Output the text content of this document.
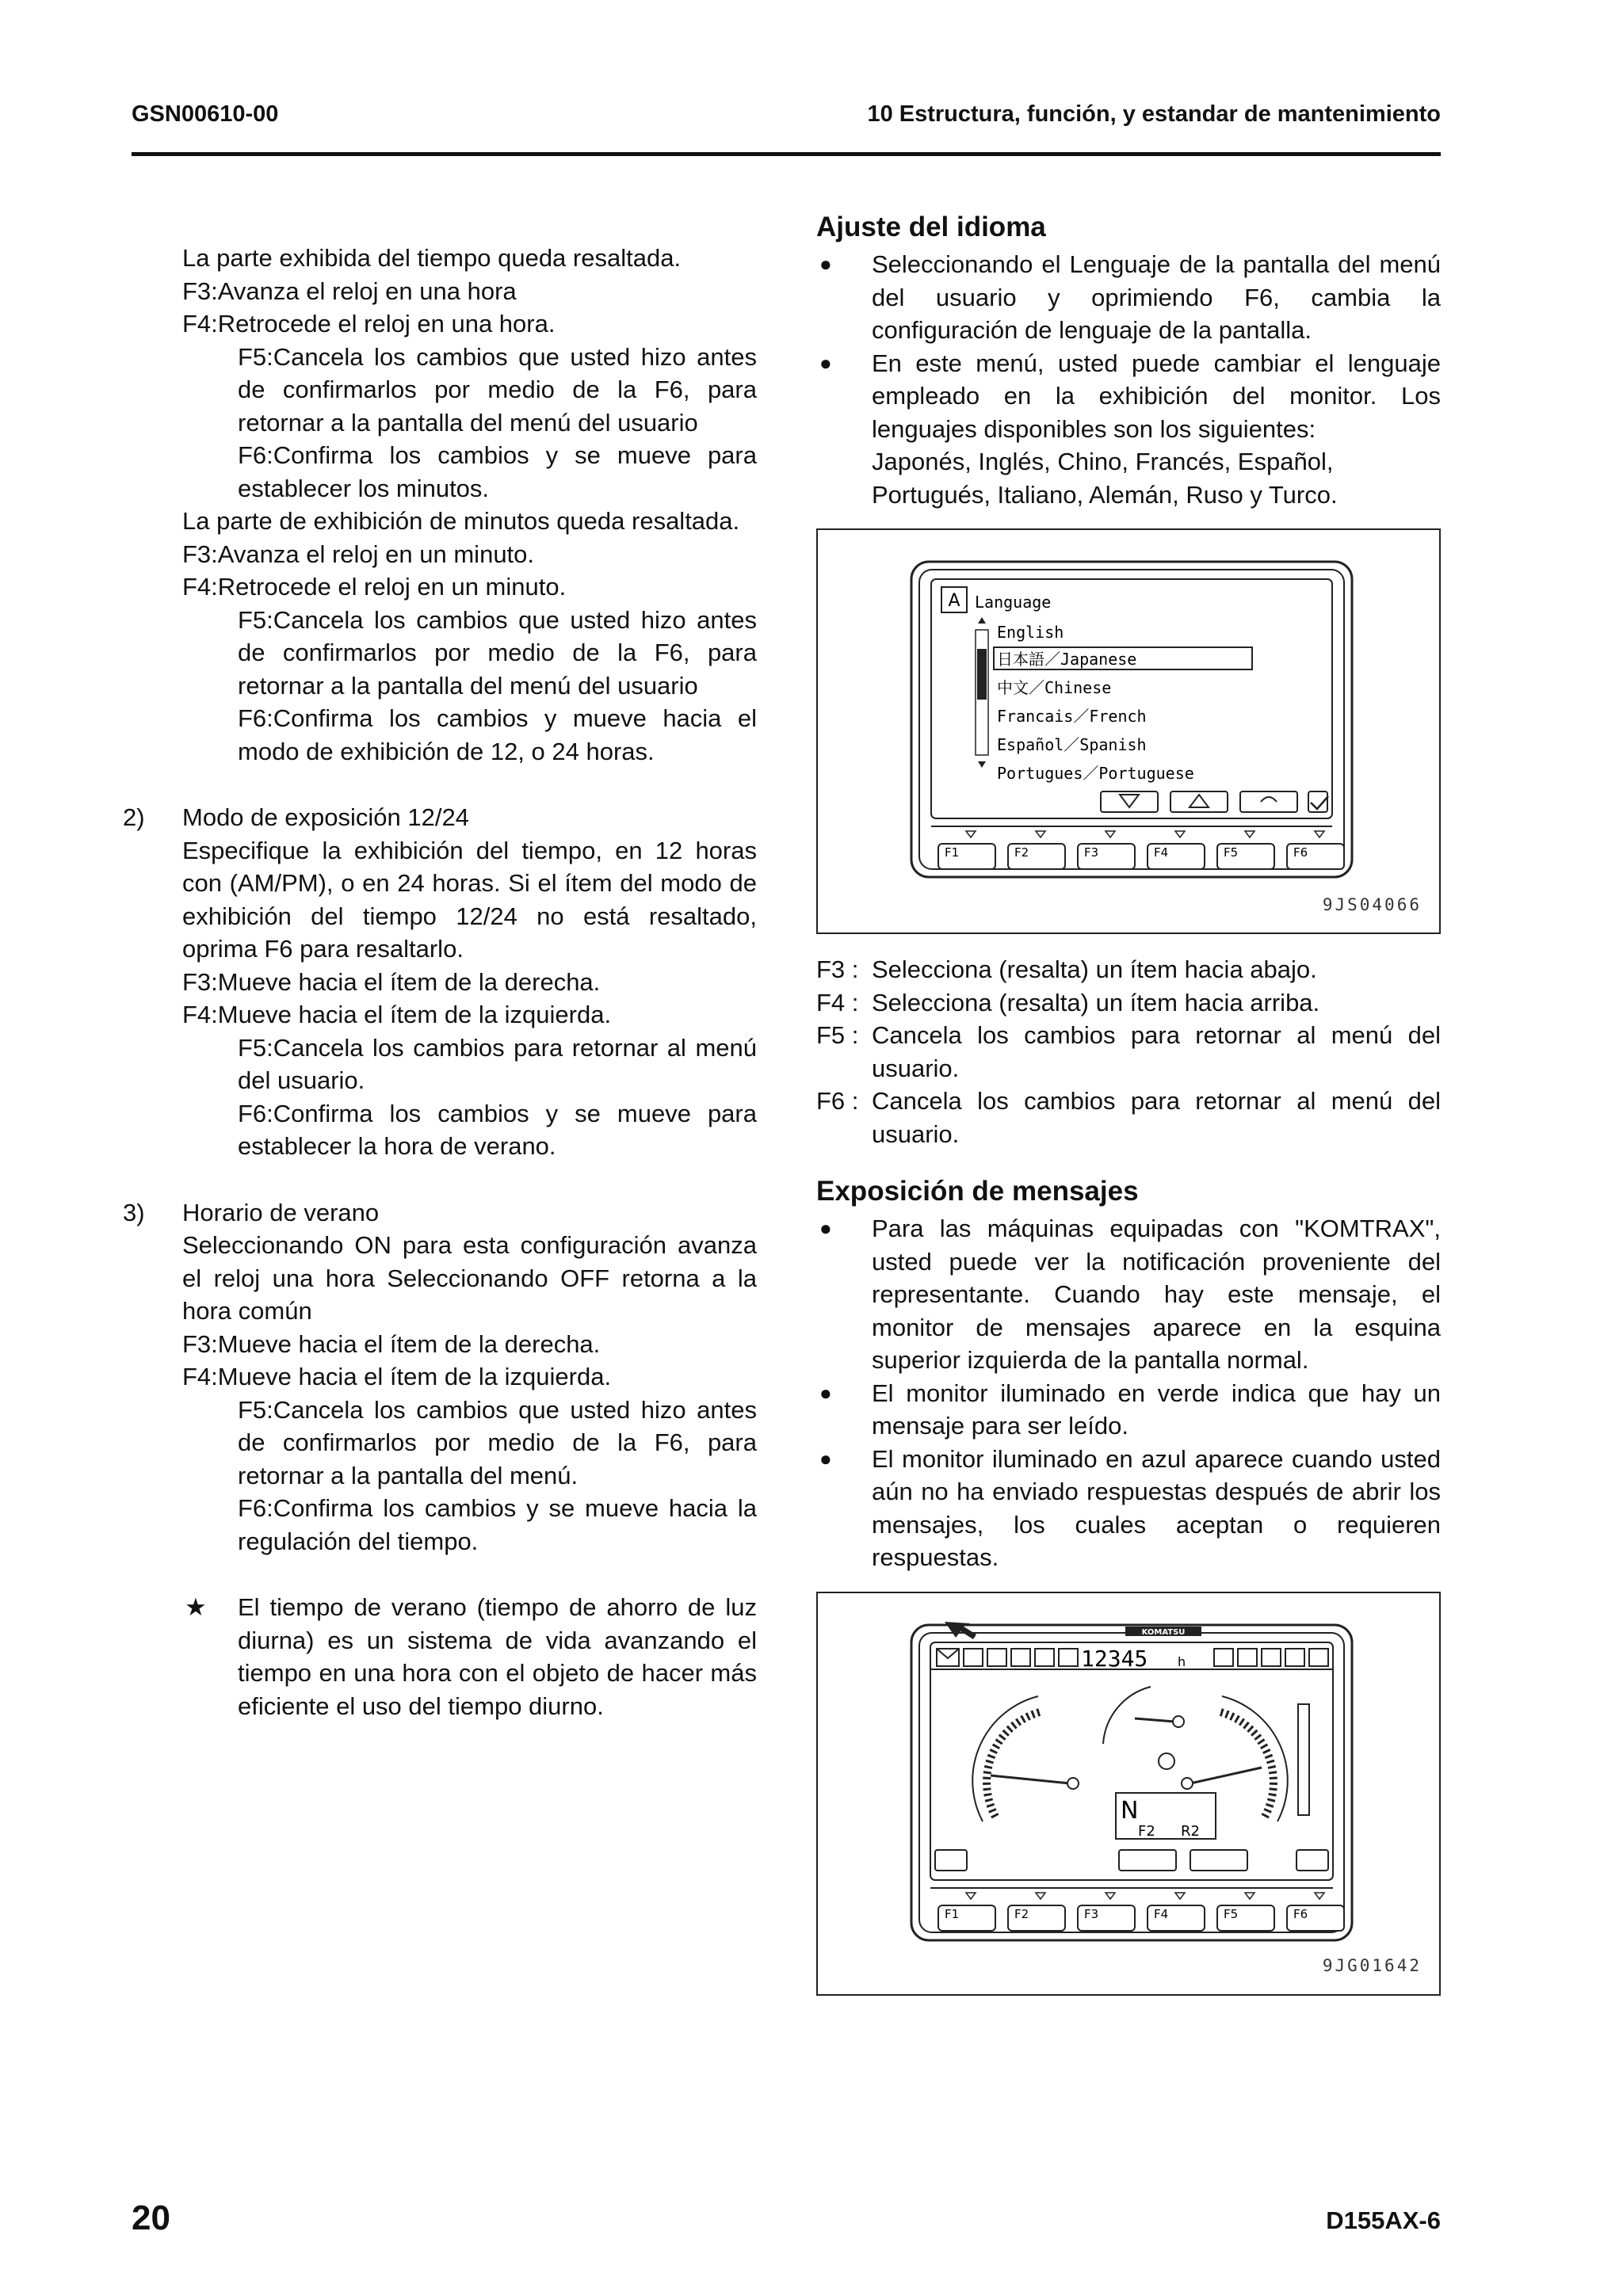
GSN00610-00	10 Estructura, función, y estandar de mantenimiento

La parte exhibida del tiempo queda resaltada.

F3:Avanza el reloj en una hora

F4:Retrocede el reloj en una hora.

F5:Cancela los cambios que usted hizo antes de confirmarlos por medio de la F6, para retornar a la pantalla del menú del usuario

F6:Confirma los cambios y se mueve para establecer los minutos.

La parte de exhibición de minutos queda resaltada.

F3:Avanza el reloj en un minuto.

F4:Retrocede el reloj en un minuto.

F5:Cancela los cambios que usted hizo antes de confirmarlos por medio de la F6, para retornar a la pantalla del menú del usuario

F6:Confirma los cambios y mueve hacia el modo de exhibición de 12, o 24 horas.

2) Modo de exposición 12/24

Especifique la exhibición del tiempo, en 12 horas con (AM/PM), o en 24 horas. Si el ítem del modo de exhibición del tiempo 12/24 no está resaltado, oprima F6 para resaltarlo.

F3:Mueve hacia el ítem de la derecha.

F4:Mueve hacia el ítem de la izquierda.

F5:Cancela los cambios para retornar al menú del usuario.

F6:Confirma los cambios y se mueve para establecer la hora de verano.

3) Horario de verano

Seleccionando ON para esta configuración avanza el reloj una hora Seleccionando OFF retorna a la hora común

F3:Mueve hacia el ítem de la derecha.

F4:Mueve hacia el ítem de la izquierda.

F5:Cancela los cambios que usted hizo antes de confirmarlos por medio de la F6, para retornar a la pantalla del menú.

F6:Confirma los cambios y se mueve hacia la regulación del tiempo.

★ El tiempo de verano (tiempo de ahorro de luz diurna) es un sistema de vida avanzando el tiempo en una hora con el objeto de hacer más eficiente el uso del tiempo diurno.

Ajuste del idioma
● Seleccionando el Lenguaje de la pantalla del menú del usuario y oprimiendo F6, cambia la configuración de lenguaje de la pantalla.

● En este menú, usted puede cambiar el lenguaje empleado en la exhibición del monitor. Los lenguajes disponibles son los siguientes:

Japonés, Inglés, Chino, Francés, Español, Portugués, Italiano, Alemán, Ruso y Turco.

A Language
English
日本語／Japanese
中文／Chinese
Francais／French
Español／Spanish
Portugues／Portuguese
F1	F2	F3	F4	F5	F6
9JS04066
F3 : Selecciona (resalta) un ítem hacia abajo.

F4 : Selecciona (resalta) un ítem hacia arriba.

F5 : Cancela los cambios para retornar al menú del usuario.

F6 : Cancela los cambios para retornar al menú del usuario.

Exposición de mensajes
● Para las máquinas equipadas con "KOMTRAX", usted puede ver la notificación proveniente del representante. Cuando hay este mensaje, el monitor de mensajes aparece en la esquina superior izquierda de la pantalla normal.

● El monitor iluminado en verde indica que hay un mensaje para ser leído.

● El monitor iluminado en azul aparece cuando usted aún no ha enviado respuestas después de abrir los mensajes, los cuales aceptan o requieren respuestas.

KOMATSU
12345 h
N
F2 R2
F1	F2	F3	F4	F5	F6
9JG01642
20	D155AX-6
